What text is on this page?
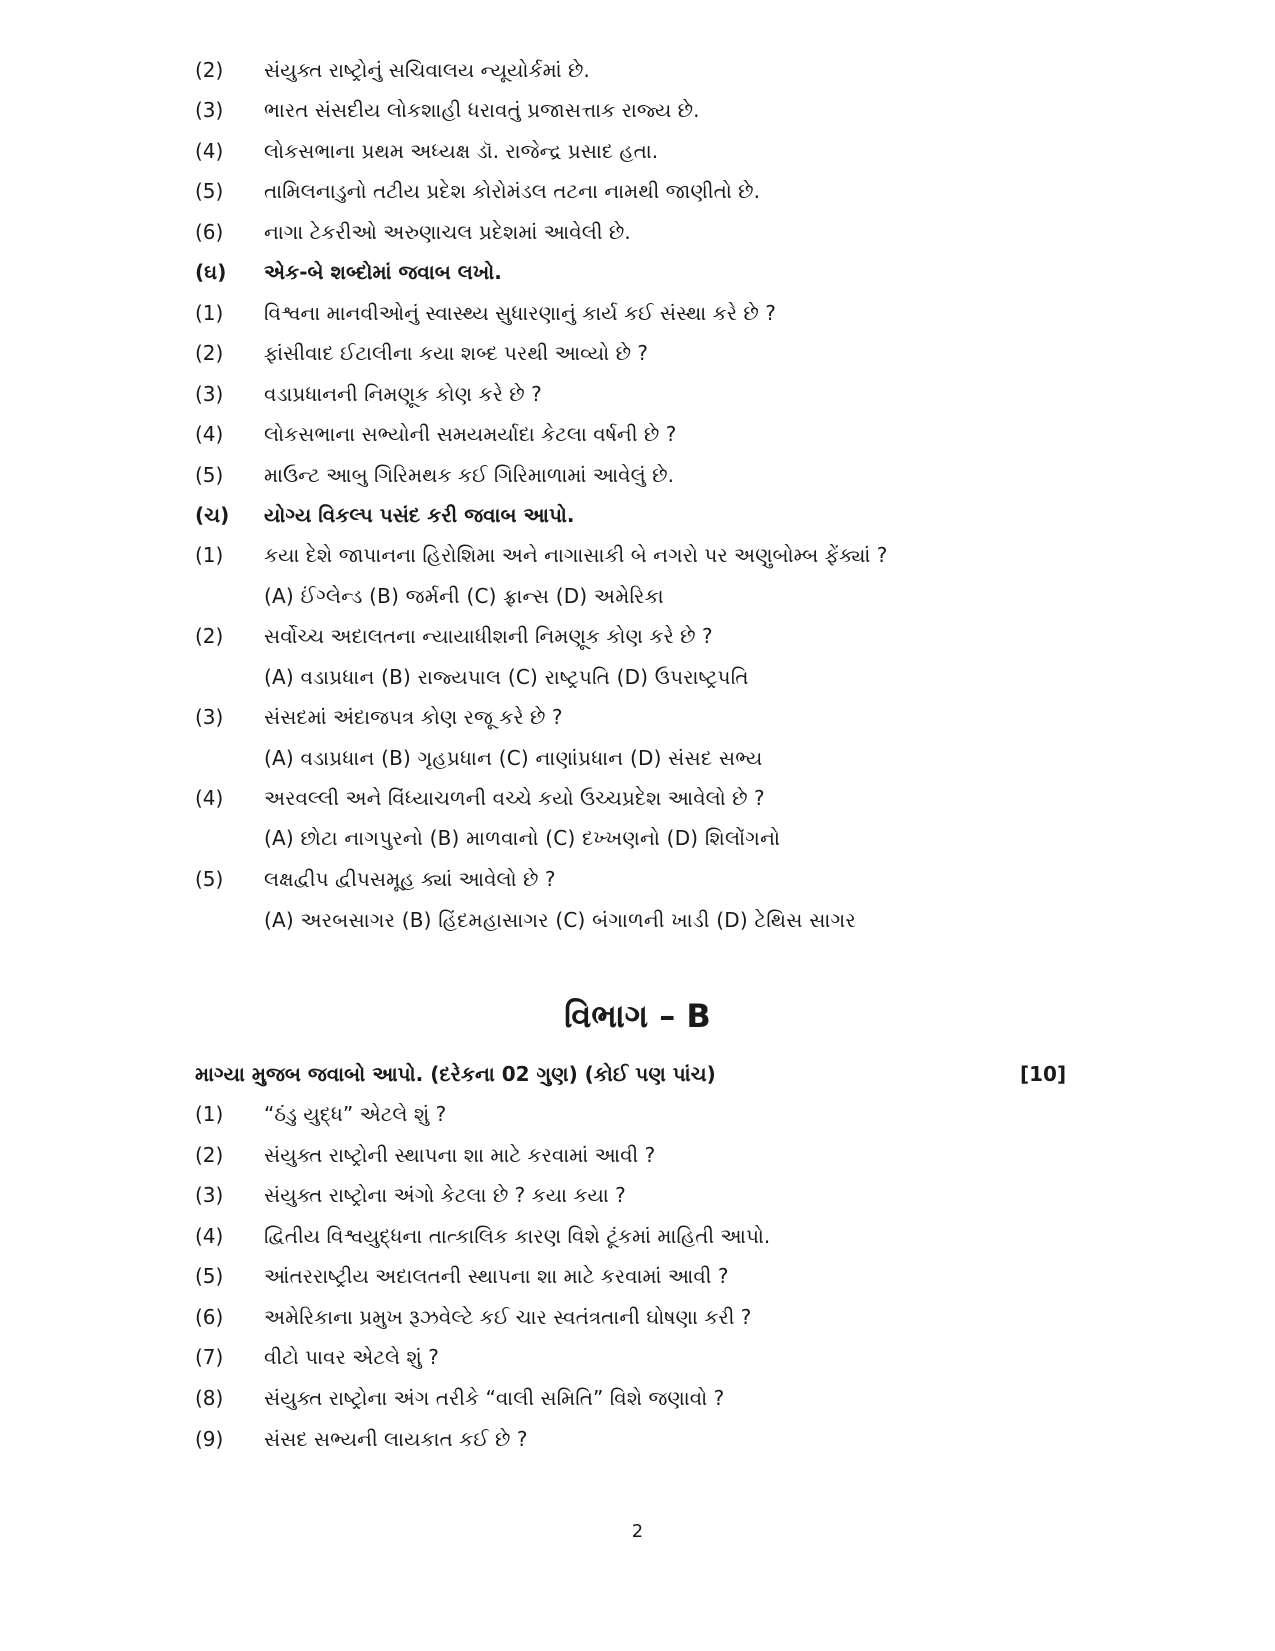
(2)	સંયુક્ત રાષ્ટ્રોનું સચિવાલય ન્યૂયોર્કમાં છે.
(3)	ભારત સંસદીય લોકશાહી ધરાવતું પ્રજાસત્તાક રાજ્ય છે.
(4)	લોકસભાના પ્રથમ અધ્યક્ષ ડૉ. રાજેન્દ્ર પ્રસાદ હતા.
(5)	તામિલનાડુનો તટીય પ્રદેશ કોરોમંડલ તટના નામથી જાણીતો છે.
(6)	નાગા ટેકરીઓ અરુણાચલ પ્રદેશમાં આવેલી છે.
(ઘ)	એક-બે શબ્દોમાં જવાબ લખો.
(1)	વિશ્વના માનવીઓનું સ્વાસ્થ્ય સુધારણાનું કાર્ય કઈ સંસ્થા કરે છે ?
(2)	ફાંસીવાદ ઈટાલીના કયા શબ્દ પરથી આવ્યો છે ?
(3)	વડાપ્રધાનની નિમણૂક કોણ કરે છે ?
(4)	લોકસભાના સભ્યોની સમયમર્યાદા કેટલા વર્ષની છે ?
(5)	માઉન્ટ આબુ ગિરિમથક કઈ ગિરિમાળામાં આવેલું છે.
(ચ)	યોગ્ય વિકલ્પ પસંદ કરી જવાબ આપો.
(1)	કયા દેશે જાપાનના હિરોશિમા અને નાગાસાકી બે નગરો પર અણુબોમ્બ ફેંક્યાં ?
(A) ઈંગ્લેન્ડ (B) જર્મની (C) ફ્રાન્સ (D) અમેરિકા
(2)	સર્વોચ્ચ અદાલતના ન્યાયાધીશની નિમણૂક કોણ કરે છે ?
(A) વડાપ્રધાન (B) રાજ્યપાલ (C) રાષ્ટ્રપતિ (D) ઉપરાષ્ટ્રપતિ
(3)	સંસદમાં અંદાજપત્ર કોણ રજૂ કરે છે ?
(A) વડાપ્રધાન (B) ગૃહપ્રધાન (C) નાણાંપ્રધાન (D) સંસદ સભ્ય
(4)	અરવલ્લી અને વિંધ્યાચળની વચ્ચે કયો ઉચ્ચપ્રદેશ આવેલો છે ?
(A) છોટા નાગપુરનો (B) માળવાનો (C) દખ્ખણનો (D) શિલોંગનો
(5)	લક્ષદ્વીપ દ્વીપસમૂહ ક્યાં આવેલો છે ?
(A) અરબસાગર (B) હિંદમહાસાગર (C) બંગાળની ખાડી (D) ટેથિસ સાગર
વિભાગ – B
માગ્યા મુજબ જવાબો આપો. (દરેકના 02 ગુણ) (કોઈ પણ પાંચ)	[10]
(1)	“ઠંડુ યુદ્ધ” એટલે શું ?
(2)	સંયુક્ત રાષ્ટ્રોની સ્થાપના શા માટે કરવામાં આવી ?
(3)	સંયુક્ત રાષ્ટ્રોના અંગો કેટલા છે ? કયા કયા ?
(4)	દ્વિતીય વિશ્વયુદ્ધના તાત્કાલિક કારણ વિશે ટૂંકમાં માહિતી આપો.
(5)	આંતરરાષ્ટ્રીય અદાલતની સ્થાપના શા માટે કરવામાં આવી ?
(6)	અમેરિકાના પ્રમુખ રૂઝવેલ્ટે કઈ ચાર સ્વતંત્રતાની ઘોષણા કરી ?
(7)	વીટો પાવર એટલે શું ?
(8)	સંયુક્ત રાષ્ટ્રોના અંગ તરીકે “વાલી સમિતિ” વિશે જણાવો ?
(9)	સંસદ સભ્યની લાયકાત કઈ છે ?
2
